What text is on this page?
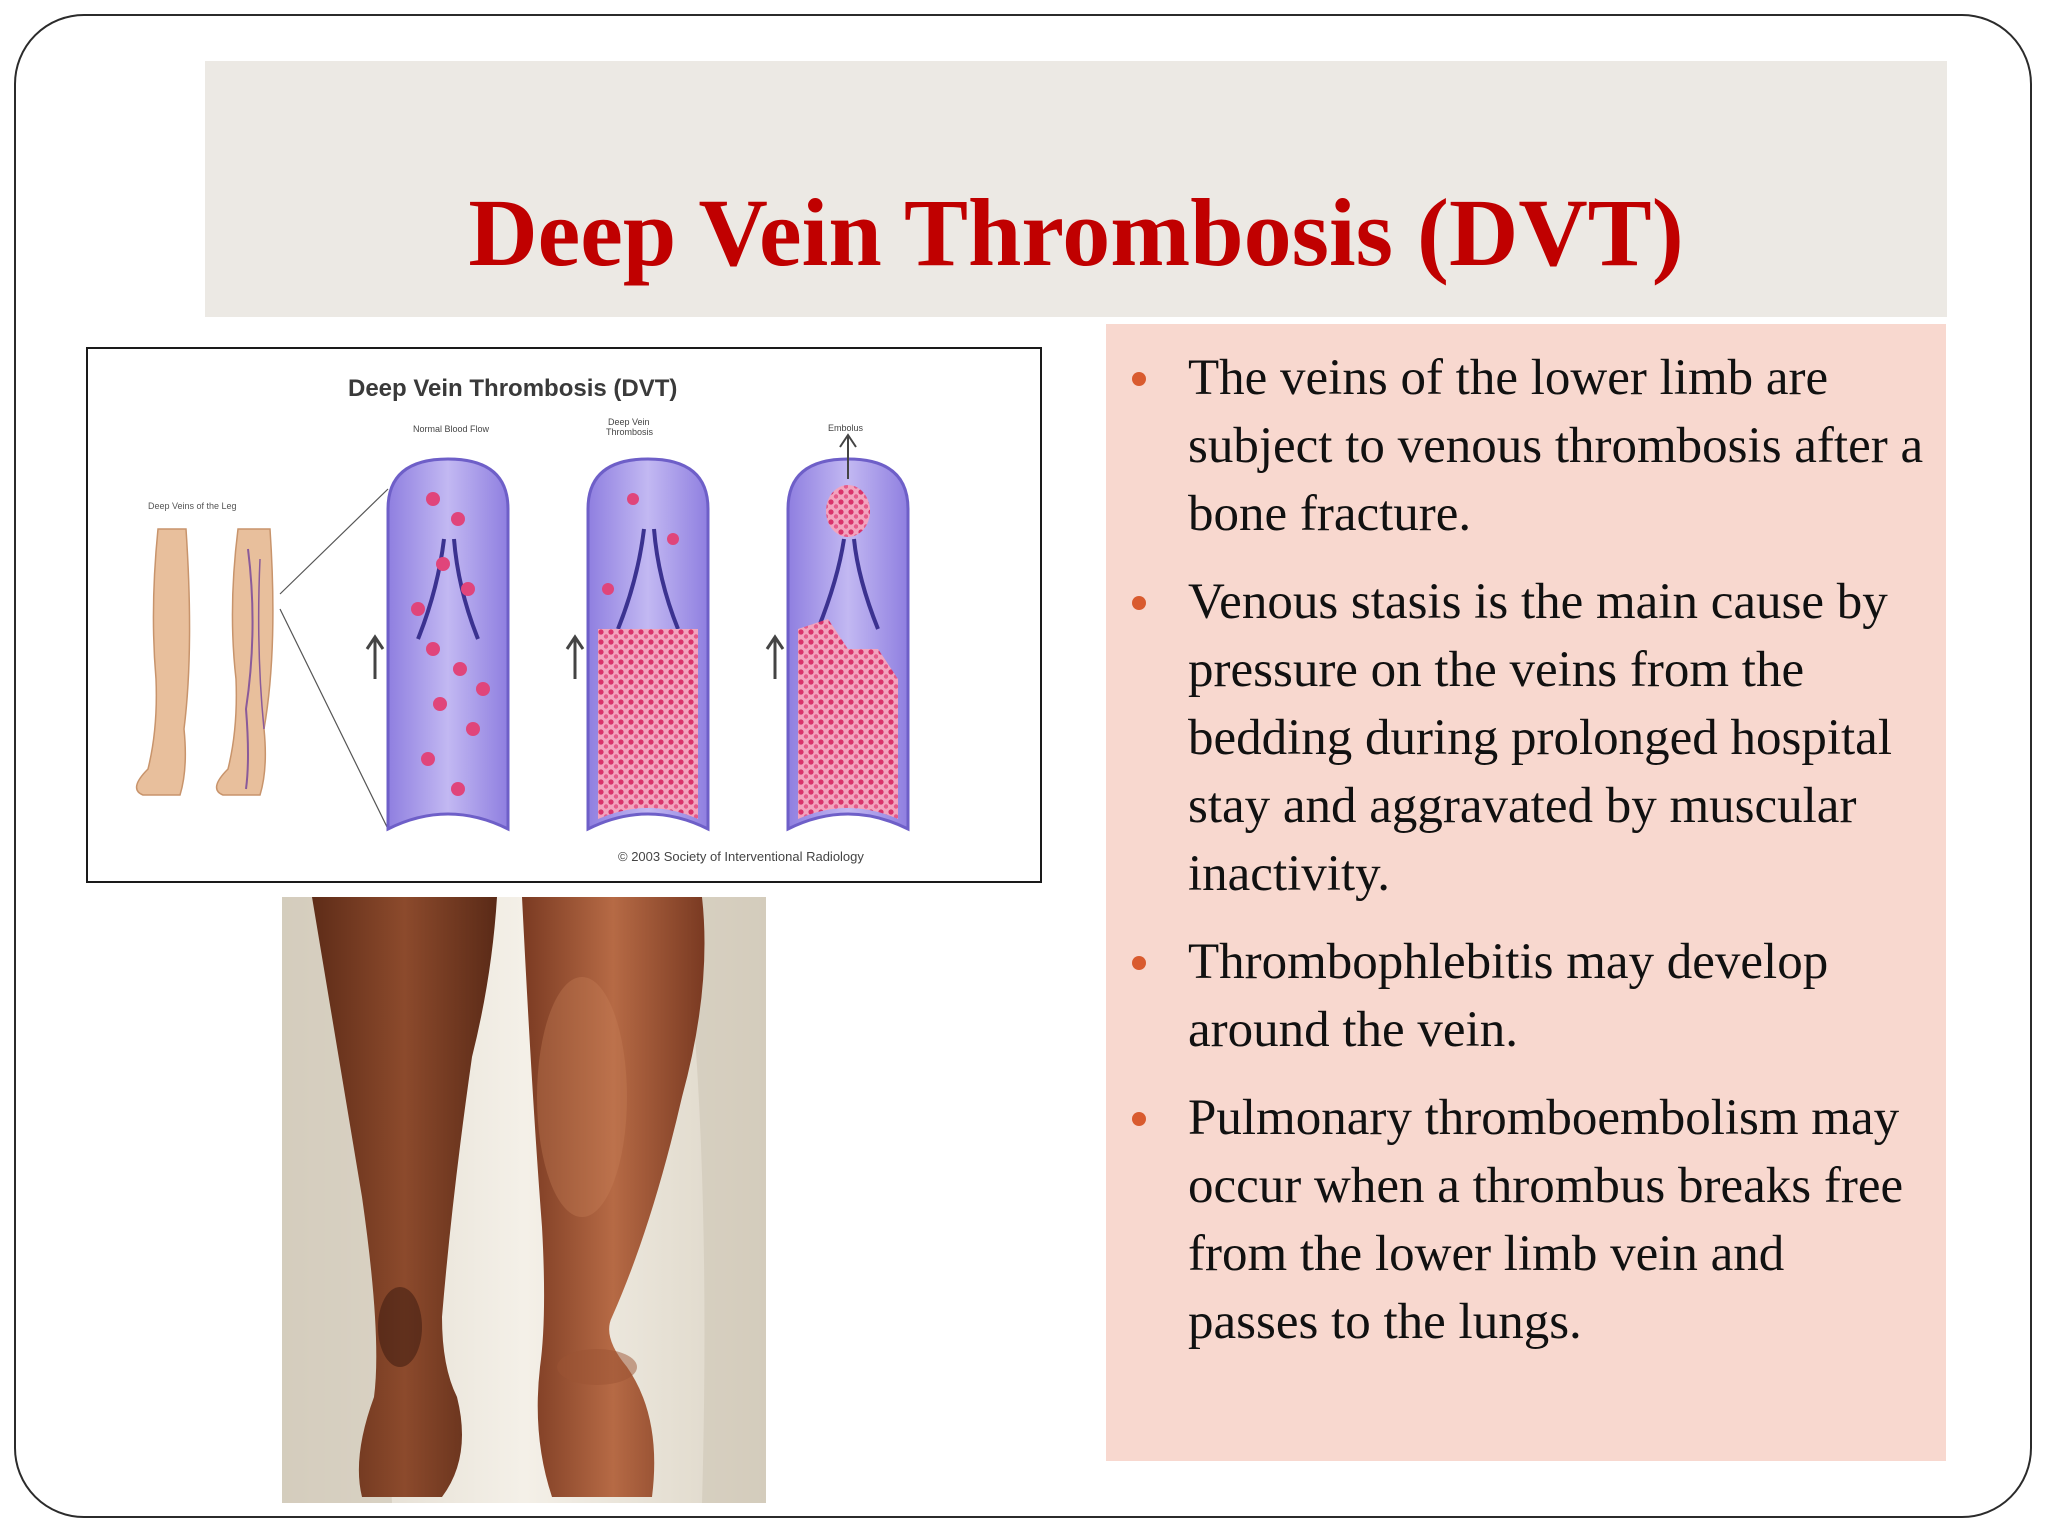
Deep Vein Thrombosis (DVT)
Deep Veins of the Leg
Normal Blood Flow
Deep Vein
Thrombosis	Embolus
Deep Vein Thrombosis (DVT)
© 2003 Society of Interventional Radiology
The veins of the lower limb are subject to venous thrombosis after a bone fracture.
Venous stasis is the main cause by pressure on the veins from the bedding during prolonged hospital stay and aggravated by muscular inactivity.
Thrombophlebitis may develop around the vein.
Pulmonary thromboembolism may occur when a thrombus breaks free from the lower limb vein and passes to the lungs.
